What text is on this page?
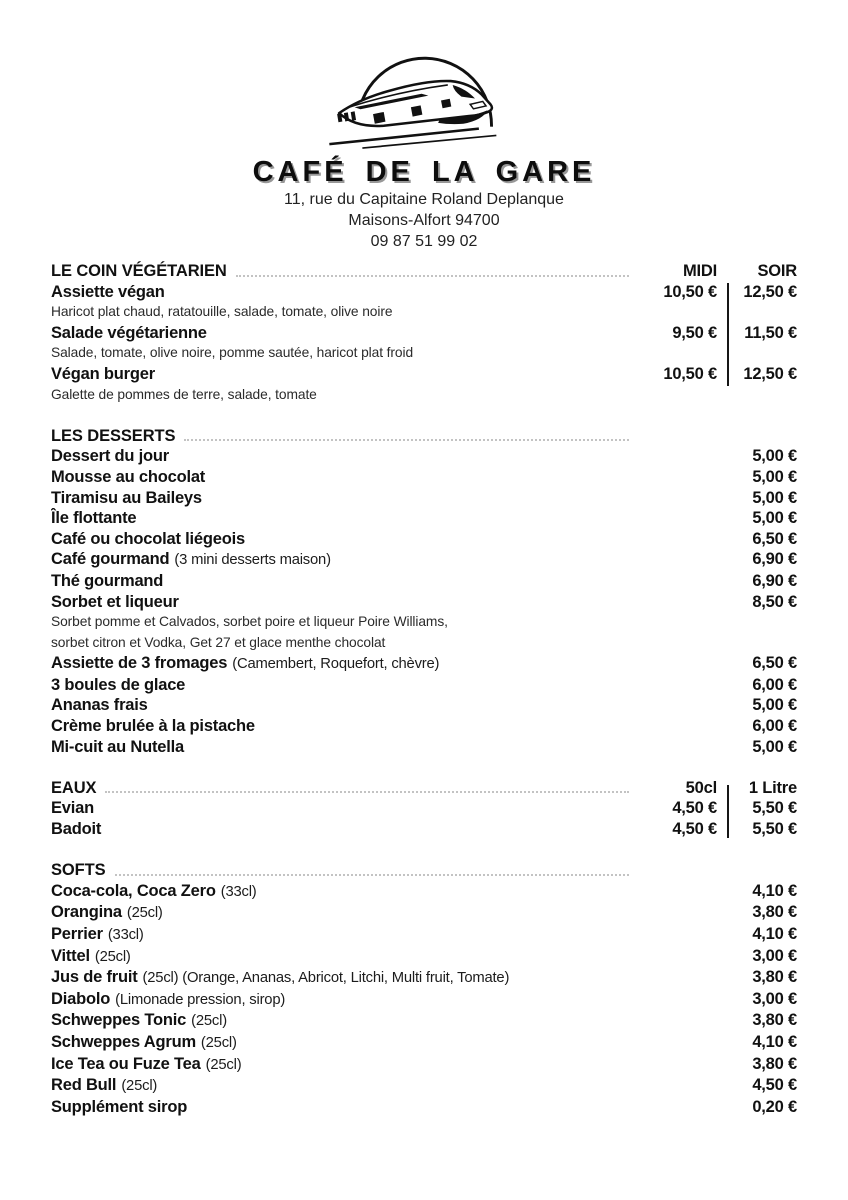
CAFÉ DE LA GARE
11, rue du Capitaine Roland Deplanque
Maisons-Alfort 94700
09 87 51 99 02
LE COIN VÉGÉTARIEN	MIDI	SOIR
Assiette végan	10,50 €	12,50 €
Haricot plat chaud, ratatouille, salade, tomate, olive noire
Salade végétarienne	9,50 €	11,50 €
Salade, tomate, olive noire, pomme sautée, haricot plat froid
Végan burger	10,50 €	12,50 €
Galette de pommes de terre, salade, tomate
LES DESSERTS
Dessert du jour	5,00 €
Mousse au chocolat	5,00 €
Tiramisu au Baileys	5,00 €
Île flottante	5,00 €
Café ou chocolat liégeois	6,50 €
Café gourmand (3 mini desserts maison)	6,90 €
Thé gourmand	6,90 €
Sorbet et liqueur	8,50 €
Sorbet pomme et Calvados, sorbet poire et liqueur Poire Williams,
sorbet citron et Vodka, Get 27 et glace menthe chocolat
Assiette de 3 fromages (Camembert, Roquefort, chèvre)	6,50 €
3 boules de glace	6,00 €
Ananas frais	5,00 €
Crème brulée à la pistache	6,00 €
Mi-cuit au Nutella	5,00 €
EAUX	50cl	1 Litre
Evian	4,50 €	5,50 €
Badoit	4,50 €	5,50 €
SOFTS
Coca-cola, Coca Zero (33cl)	4,10 €
Orangina (25cl)	3,80 €
Perrier (33cl)	4,10 €
Vittel (25cl)	3,00 €
Jus de fruit (25cl) (Orange, Ananas, Abricot, Litchi, Multi fruit, Tomate)	3,80 €
Diabolo (Limonade pression, sirop)	3,00 €
Schweppes Tonic (25cl)	3,80 €
Schweppes Agrum (25cl)	4,10 €
Ice Tea ou Fuze Tea (25cl)	3,80 €
Red Bull (25cl)	4,50 €
Supplément sirop	0,20 €
